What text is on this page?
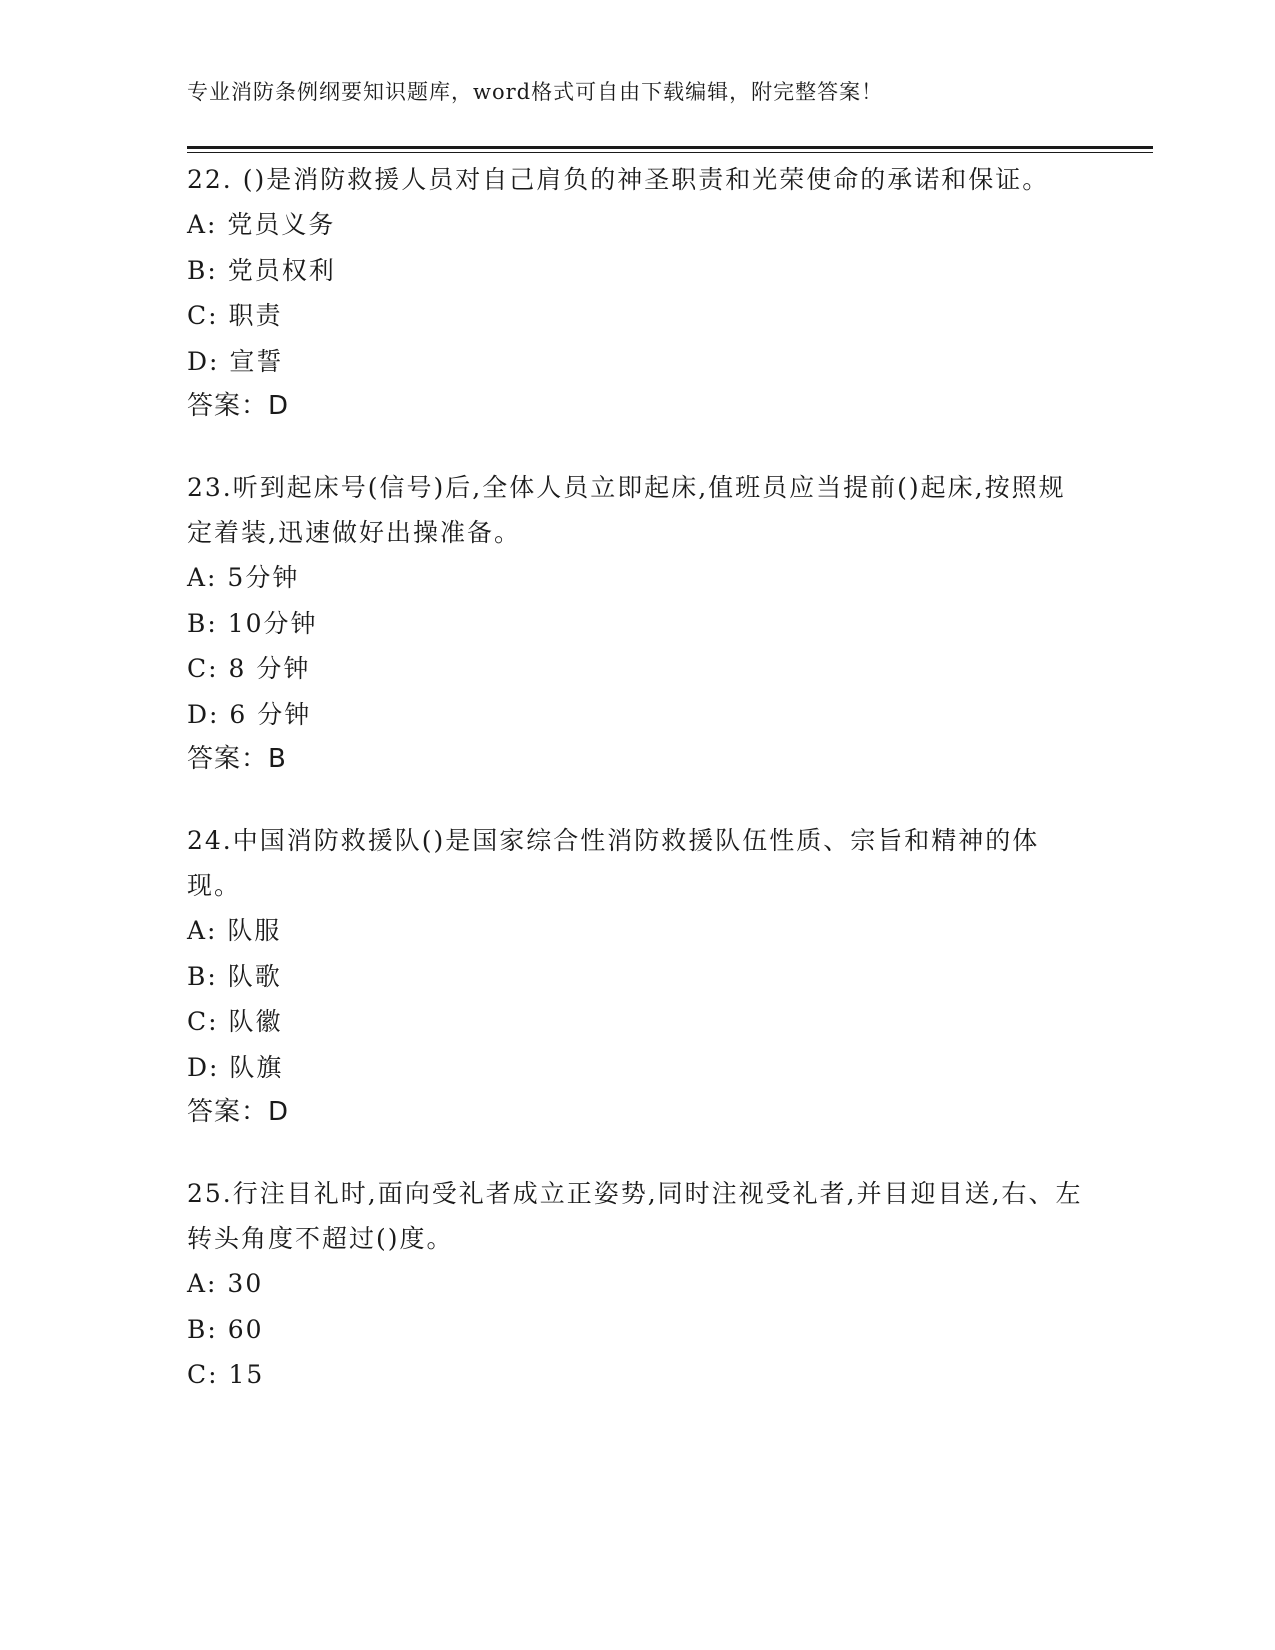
专业消防条例纲要知识题库，word格式可自由下载编辑，附完整答案！

22. ()是消防救援人员对自己肩负的神圣职责和光荣使命的承诺和保证。

A: 党员义务

B: 党员权利

C: 职责

D: 宣誓

答案：D

23.听到起床号(信号)后,全体人员立即起床,值班员应当提前()起床,按照规定着装,迅速做好出操准备。

A: 5分钟

B: 10分钟

C: 8 分钟

D: 6 分钟

答案：B

24.中国消防救援队()是国家综合性消防救援队伍性质、宗旨和精神的体现。

A: 队服

B: 队歌

C: 队徽

D: 队旗

答案：D

25.行注目礼时,面向受礼者成立正姿势,同时注视受礼者,并目迎目送,右、左转头角度不超过()度。

A: 30

B: 60

C: 15
